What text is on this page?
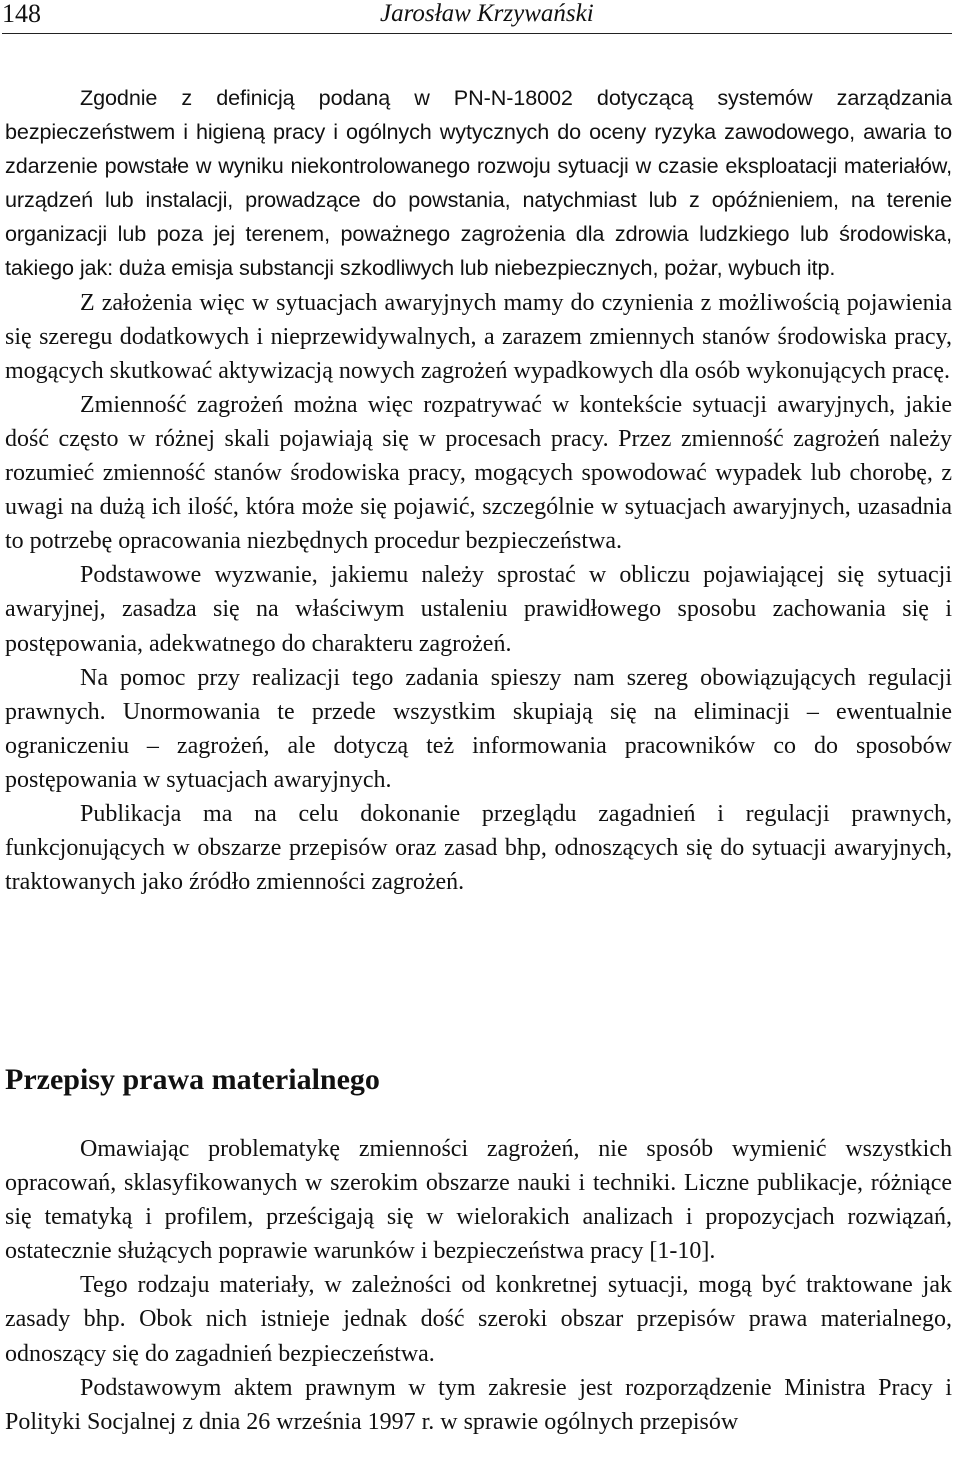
148	Jarosław Krzywański

Zgodnie z definicją podaną w PN-N-18002 dotyczącą systemów zarządzania bezpieczeństwem i higieną pracy i ogólnych wytycznych do oceny ryzyka zawodowego, awaria to zdarzenie powstałe w wyniku niekontrolowanego rozwoju sytuacji w czasie eksploatacji materiałów, urządzeń lub instalacji, prowadzące do powstania, natychmiast lub z opóźnieniem, na terenie organizacji lub poza jej terenem, poważnego zagrożenia dla zdrowia ludzkiego lub środowiska, takiego jak: duża emisja substancji szkodliwych lub niebezpiecznych, pożar, wybuch itp.

Z założenia więc w sytuacjach awaryjnych mamy do czynienia z możliwością pojawienia się szeregu dodatkowych i nieprzewidywalnych, a zarazem zmiennych stanów środowiska pracy, mogących skutkować aktywizacją nowych zagrożeń wypadkowych dla osób wykonujących pracę.

Zmienność zagrożeń można więc rozpatrywać w kontekście sytuacji awaryjnych, jakie dość często w różnej skali pojawiają się w procesach pracy. Przez zmienność zagrożeń należy rozumieć zmienność stanów środowiska pracy, mogących spowodować wypadek lub chorobę, z uwagi na dużą ich ilość, która może się pojawić, szczególnie w sytuacjach awaryjnych, uzasadnia to potrzebę opracowania niezbędnych procedur bezpieczeństwa.

Podstawowe wyzwanie, jakiemu należy sprostać w obliczu pojawiającej się sytuacji awaryjnej, zasadza się na właściwym ustaleniu prawidłowego sposobu zachowania się i postępowania, adekwatnego do charakteru zagrożeń.

Na pomoc przy realizacji tego zadania spieszy nam szereg obowiązujących regulacji prawnych. Unormowania te przede wszystkim skupiają się na eliminacji – ewentualnie ograniczeniu – zagrożeń, ale dotyczą też informowania pracowników co do sposobów postępowania w sytuacjach awaryjnych.

Publikacja ma na celu dokonanie przeglądu zagadnień i regulacji prawnych, funkcjonujących w obszarze przepisów oraz zasad bhp, odnoszących się do sytuacji awaryjnych, traktowanych jako źródło zmienności zagrożeń.

Przepisy prawa materialnego

Omawiając problematykę zmienności zagrożeń, nie sposób wymienić wszystkich opracowań, sklasyfikowanych w szerokim obszarze nauki i techniki. Liczne publikacje, różniące się tematyką i profilem, prześcigają się w wielorakich analizach i propozycjach rozwiązań, ostatecznie służących poprawie warunków i bezpieczeństwa pracy [1-10].

Tego rodzaju materiały, w zależności od konkretnej sytuacji, mogą być traktowane jak zasady bhp. Obok nich istnieje jednak dość szeroki obszar przepisów prawa materialnego, odnoszący się do zagadnień bezpieczeństwa.

Podstawowym aktem prawnym w tym zakresie jest rozporządzenie Ministra Pracy i Polityki Socjalnej z dnia 26 września 1997 r. w sprawie ogólnych przepisów
